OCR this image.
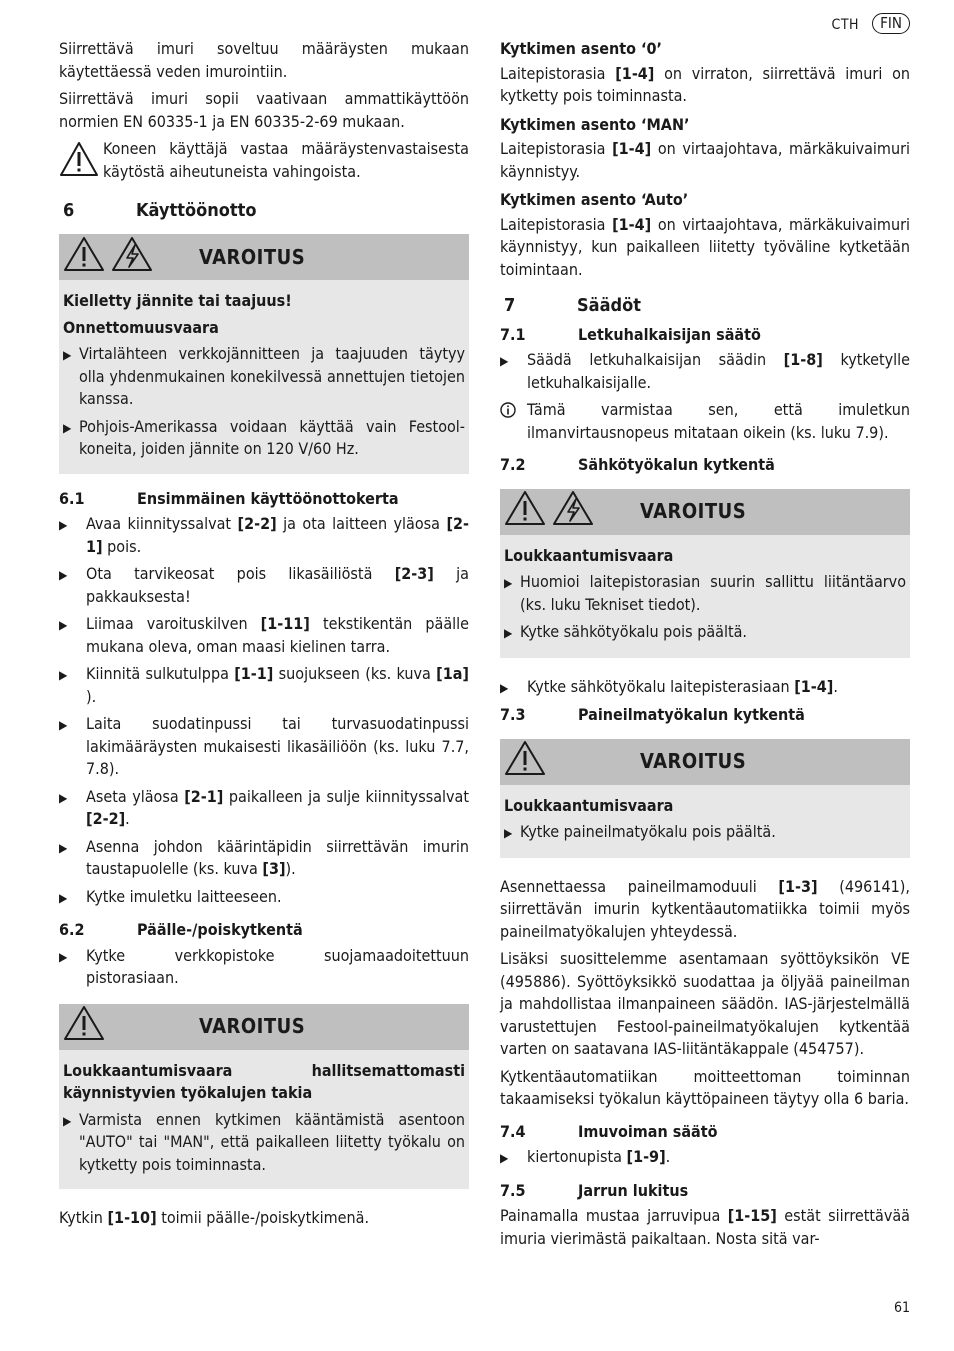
CTH	FIN

Siirrettävä imuri soveltuu määräysten mukaan käytettäessä veden imurointiin.

Siirrettävä imuri sopii vaativaan ammattikäyttöön normien EN 60335-1 ja EN 60335-2-69 mukaan.

Koneen käyttäjä vastaa määräystenvastaisesta käytöstä aiheutuneista vahingoista.

6	Käyttöönotto
VAROITUS
Kielletty jännite tai taajuus!
Onnettomuusvaara
▶ Virtalähteen verkkojännitteen ja taajuuden täytyy olla yhdenmukainen konekilvessä annettujen tietojen kanssa.

▶ Pohjois-Amerikassa voidaan käyttää vain Festool-koneita, joiden jännite on 120 V/60 Hz.

6.1	Ensimmäinen käyttöönottokerta
▶	Avaa kiinnityssalvat [2-2] ja ota laitteen yläosa [2-1] pois.

▶	Ota tarvikeosat pois likasäiliöstä [2-3] ja pakkauksesta!

▶	Liimaa varoituskilven [1-11] tekstikentän päälle mukana oleva, oman maasi kielinen tarra.

▶	Kiinnitä sulkutulppa [1-1] suojukseen (ks. kuva [1a] ).

▶	Laita suodatinpussi tai turvasuodatinpussi lakimääräysten mukaisesti likasäiliöön (ks. luku 7.7, 7.8).

▶	Aseta yläosa [2-1] paikalleen ja sulje kiinnityssalvat [2-2].

▶	Asenna johdon käärintäpidin siirrettävän imurin taustapuolelle (ks. kuva [3]).

▶	Kytke imuletku laitteeseen.

6.2	Päälle-/poiskytkentä
▶	Kytke verkkopistoke suojamaadoitettuun pistorasiaan.

VAROITUS

Loukkaantumisvaara hallitsemattomasti käynnistyvien työkalujen takia

▶ Varmista ennen kytkimen kääntämistä asentoon "AUTO" tai "MAN", että paikalleen liitetty työkalu on kytketty pois toiminnasta.

Kytkin [1-10] toimii päälle-/poiskytkimenä.

Kytkimen asento ‘0’

Laitepistorasia [1-4] on virraton, siirrettävä imuri on kytketty pois toiminnasta.

Kytkimen asento ‘MAN’

Laitepistorasia [1-4] on virtaajohtava, märkäkuivaimuri käynnistyy.

Kytkimen asento ‘Auto’

Laitepistorasia [1-4] on virtaajohtava, märkäkuivaimuri käynnistyy, kun paikalleen liitetty työväline kytketään toimintaan.

7	Säädöt
7.1	Letkuhalkaisijan säätö
▶	Säädä letkuhalkaisijan säädin [1-8] kytketylle letkuhalkaisijalle.

Tämä varmistaa sen, että imuletkun ilmanvirtausnopeus mitataan oikein (ks. luku 7.9).

7.2	Sähkötyökalun kytkentä
VAROITUS
Loukkaantumisvaara
▶ Huomioi laitepistorasian suurin sallittu liitäntäarvo (ks. luku Tekniset tiedot).

▶ Kytke sähkötyökalu pois päältä.

▶	Kytke sähkötyökalu laitepisterasiaan [1-4].

7.3	Paineilmatyökalun kytkentä
VAROITUS
Loukkaantumisvaara
▶ Kytke paineilmatyökalu pois päältä.

Asennettaessa paineilmamoduuli [1-3] (496141), siirrettävän imurin kytkentäautomatiikka toimii myös paineilmatyökalujen yhteydessä.

Lisäksi suosittelemme asentamaan syöttöyksikön VE (495886). Syöttöyksikkö suodattaa ja öljyää paineilman ja mahdollistaa ilmanpaineen säädön. IAS-järjestelmällä varustettujen Festool-paineilmatyökalujen kytkentää varten on saatavana IAS-liitäntäkappale (454757).

Kytkentäautomatiikan moitteettoman toiminnan takaamiseksi työkalun käyttöpaineen täytyy olla 6 baria.

7.4	Imuvoiman säätö
▶	kiertonupista [1-9].

7.5	Jarrun lukitus

Painamalla mustaa jarruvipua [1-15] estät siirrettävää imuria vierimästä paikaltaan. Nosta sitä var-

61
